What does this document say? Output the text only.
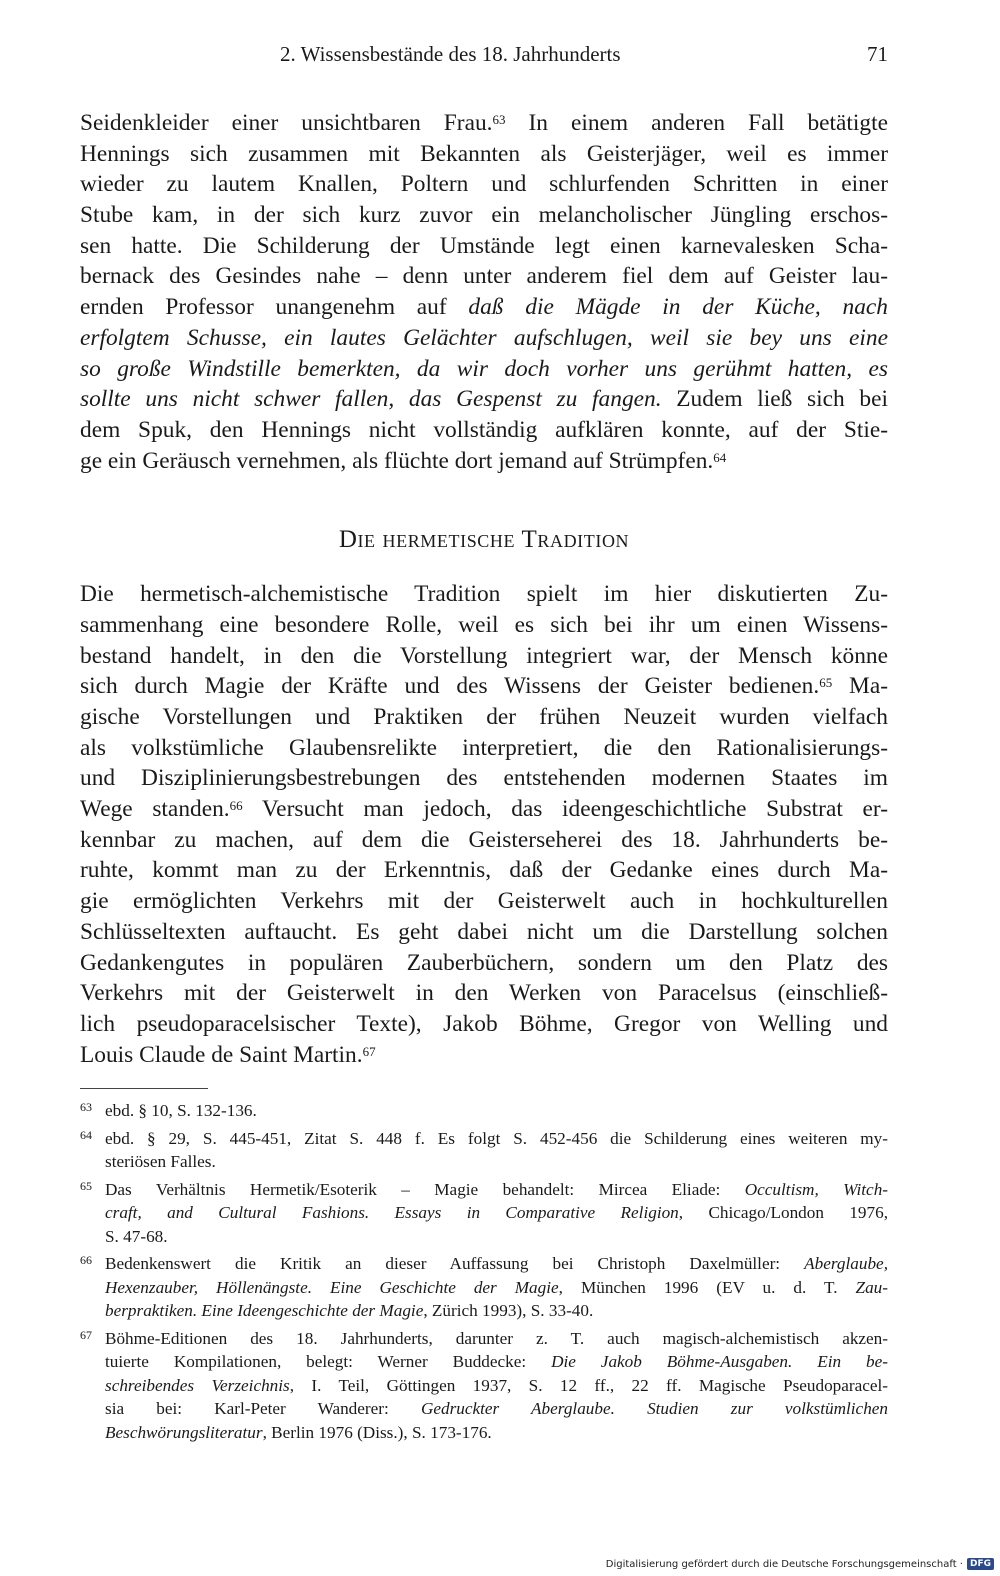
2. Wissensbestände des 18. Jahrhunderts	71
Seidenkleider einer unsichtbaren Frau.$^{63}$ In einem anderen Fall betätigte
Hennings sich zusammen mit Bekannten als Geisterjäger, weil es immer
wieder zu lautem Knallen, Poltern und schlurfenden Schritten in einer
Stube kam, in der sich kurz zuvor ein melancholischer Jüngling erschos-
sen hatte. Die Schilderung der Umstände legt einen karnevalesken Scha-
bernack des Gesindes nahe – denn unter anderem fiel dem auf Geister lau-
ernden Professor unangenehm auf daß die Mägde in der Küche, nach
erfolgtem Schusse, ein lautes Gelächter aufschlugen, weil sie bey uns eine
so große Windstille bemerkten, da wir doch vorher uns gerühmt hatten, es
sollte uns nicht schwer fallen, das Gespenst zu fangen. Zudem ließ sich bei
dem Spuk, den Hennings nicht vollständig aufklären konnte, auf der Stie-
ge ein Geräusch vernehmen, als flüchte dort jemand auf Strümpfen.$^{64}$
Die hermetische Tradition
Die hermetisch-alchemistische Tradition spielt im hier diskutierten Zu-
sammenhang eine besondere Rolle, weil es sich bei ihr um einen Wissens-
bestand handelt, in den die Vorstellung integriert war, der Mensch könne
sich durch Magie der Kräfte und des Wissens der Geister bedienen.$^{65}$ Ma-
gische Vorstellungen und Praktiken der frühen Neuzeit wurden vielfach
als volkstümliche Glaubensrelikte interpretiert, die den Rationalisierungs-
und Disziplinierungsbestrebungen des entstehenden modernen Staates im
Wege standen.$^{66}$ Versucht man jedoch, das ideengeschichtliche Substrat er-
kennbar zu machen, auf dem die Geisterseherei des 18. Jahrhunderts be-
ruhte, kommt man zu der Erkenntnis, daß der Gedanke eines durch Ma-
gie ermöglichten Verkehrs mit der Geisterwelt auch in hochkulturellen
Schlüsseltexten auftaucht. Es geht dabei nicht um die Darstellung solchen
Gedankengutes in populären Zauberbüchern, sondern um den Platz des
Verkehrs mit der Geisterwelt in den Werken von Paracelsus (einschließ-
lich pseudoparacelsischer Texte), Jakob Böhme, Gregor von Welling und
Louis Claude de Saint Martin.$^{67}$
63 ebd. § 10, S. 132-136.
64 ebd. § 29, S. 445-451, Zitat S. 448 f. Es folgt S. 452-456 die Schilderung eines weiteren my-
steriösen Falles.
65 Das Verhältnis Hermetik/Esoterik – Magie behandelt: Mircea Eliade: Occultism, Witch-
craft, and Cultural Fashions. Essays in Comparative Religion, Chicago/London 1976,
S. 47-68.
66 Bedenkenswert die Kritik an dieser Auffassung bei Christoph Daxelmüller: Aberglaube,
Hexenzauber, Höllenängste. Eine Geschichte der Magie, München 1996 (EV u. d. T. Zau-
berpraktiken. Eine Ideengeschichte der Magie, Zürich 1993), S. 33-40.
67 Böhme-Editionen des 18. Jahrhunderts, darunter z. T. auch magisch-alchemistisch akzen-
tuierte Kompilationen, belegt: Werner Buddecke: Die Jakob Böhme-Ausgaben. Ein be-
schreibendes Verzeichnis, I. Teil, Göttingen 1937, S. 12 ff., 22 ff. Magische Pseudoparacel-
sia bei: Karl-Peter Wanderer: Gedruckter Aberglaube. Studien zur volkstümlichen
Beschwörungsliteratur, Berlin 1976 (Diss.), S. 173-176.
Digitalisierung gefördert durch die Deutsche Forschungsgemeinschaft · DFG
